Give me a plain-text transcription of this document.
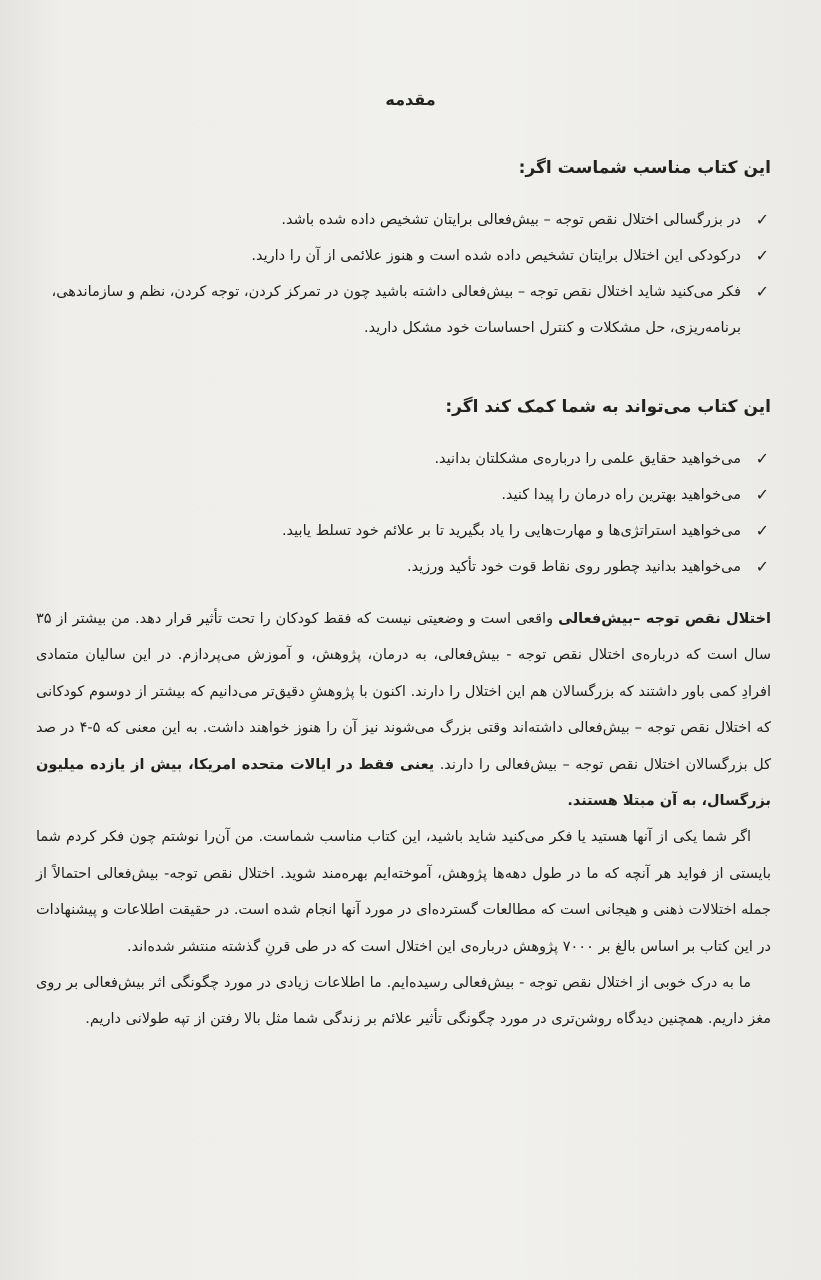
مقدمه
این کتاب مناسب شماست اگر:
✓
در بزرگسالی اختلال نقص توجه – بیش‌فعالی برایتان تشخیص داده شده باشد.
✓
درکودکی این اختلال برایتان تشخیص داده شده است و هنوز علائمی از آن را دارید.
✓
فکر می‌کنید شاید اختلال نقص توجه – بیش‌فعالی داشته باشید چون در تمرکز کردن، توجه کردن، نظم و سازماندهی، برنامه‌ریزی، حل مشکلات و کنترل احساسات خود مشکل دارید.
این کتاب می‌تواند به شما کمک کند اگر:
✓
می‌خواهید حقایق علمی را درباره‌ی مشکلتان بدانید.
✓
می‌خواهید بهترین راه درمان را پیدا کنید.
✓
می‌خواهید استراتژی‌ها و مهارت‌هایی را یاد بگیرید تا بر علائم خود تسلط یابید.
✓
می‌خواهید بدانید چطور روی نقاط قوت خود تأکید ورزید.

اختلال نقص توجه –بیش‌فعالی واقعی است و وضعیتی نیست که فقط کودکان را تحت تأثیر قرار دهد. من بیشتر از ۳۵ سال است که درباره‌ی اختلال نقص توجه - بیش‌فعالی، به درمان، پژوهش، و آموزش می‌پردازم. در این سالیان متمادی افرادِ کمی باور داشتند که بزرگسالان هم این اختلال را دارند. اکنون با پژوهشِ دقیق‌تر می‌دانیم که بیشتر از دوسوم کودکانی که اختلال نقص توجه – بیش‌فعالی داشته‌اند وقتی بزرگ می‌شوند نیز آن را هنوز خواهند داشت. به این معنی که ۵-۴ در صد کل بزرگسالان اختلال نقص توجه – بیش‌فعالی را دارند. یعنی فقط در ایالات متحده امریکا، بیش از یازده میلیون بزرگسال، به آن مبتلا هستند.

اگر شما یکی از آنها هستید یا فکر می‌کنید شاید باشید، این کتاب مناسب شماست. من آن‌را نوشتم چون فکر کردم شما بایستی از فواید هر آنچه که ما در طول دهه‌ها پژوهش، آموخته‌ایم بهره‌مند شوید. اختلال نقص توجه- بیش‌فعالی احتمالاً از جمله اختلالات ذهنی و هیجانی است که مطالعات گسترده‌ای در مورد آنها انجام شده است. در حقیقت اطلاعات و پیشنهادات در این کتاب بر اساس بالغ بر ۷۰۰۰ پژوهش درباره‌ی این اختلال است که در طی قرنِ گذشته منتشر شده‌اند.

ما به درک خوبی از اختلال نقص توجه - بیش‌فعالی رسیده‌ایم. ما اطلاعات زیادی در مورد چگونگی اثر بیش‌فعالی بر روی مغز داریم. همچنین دیدگاه روشن‌تری در مورد چگونگی تأثیر علائم بر زندگی شما مثل بالا رفتن از تپه طولانی داریم.
